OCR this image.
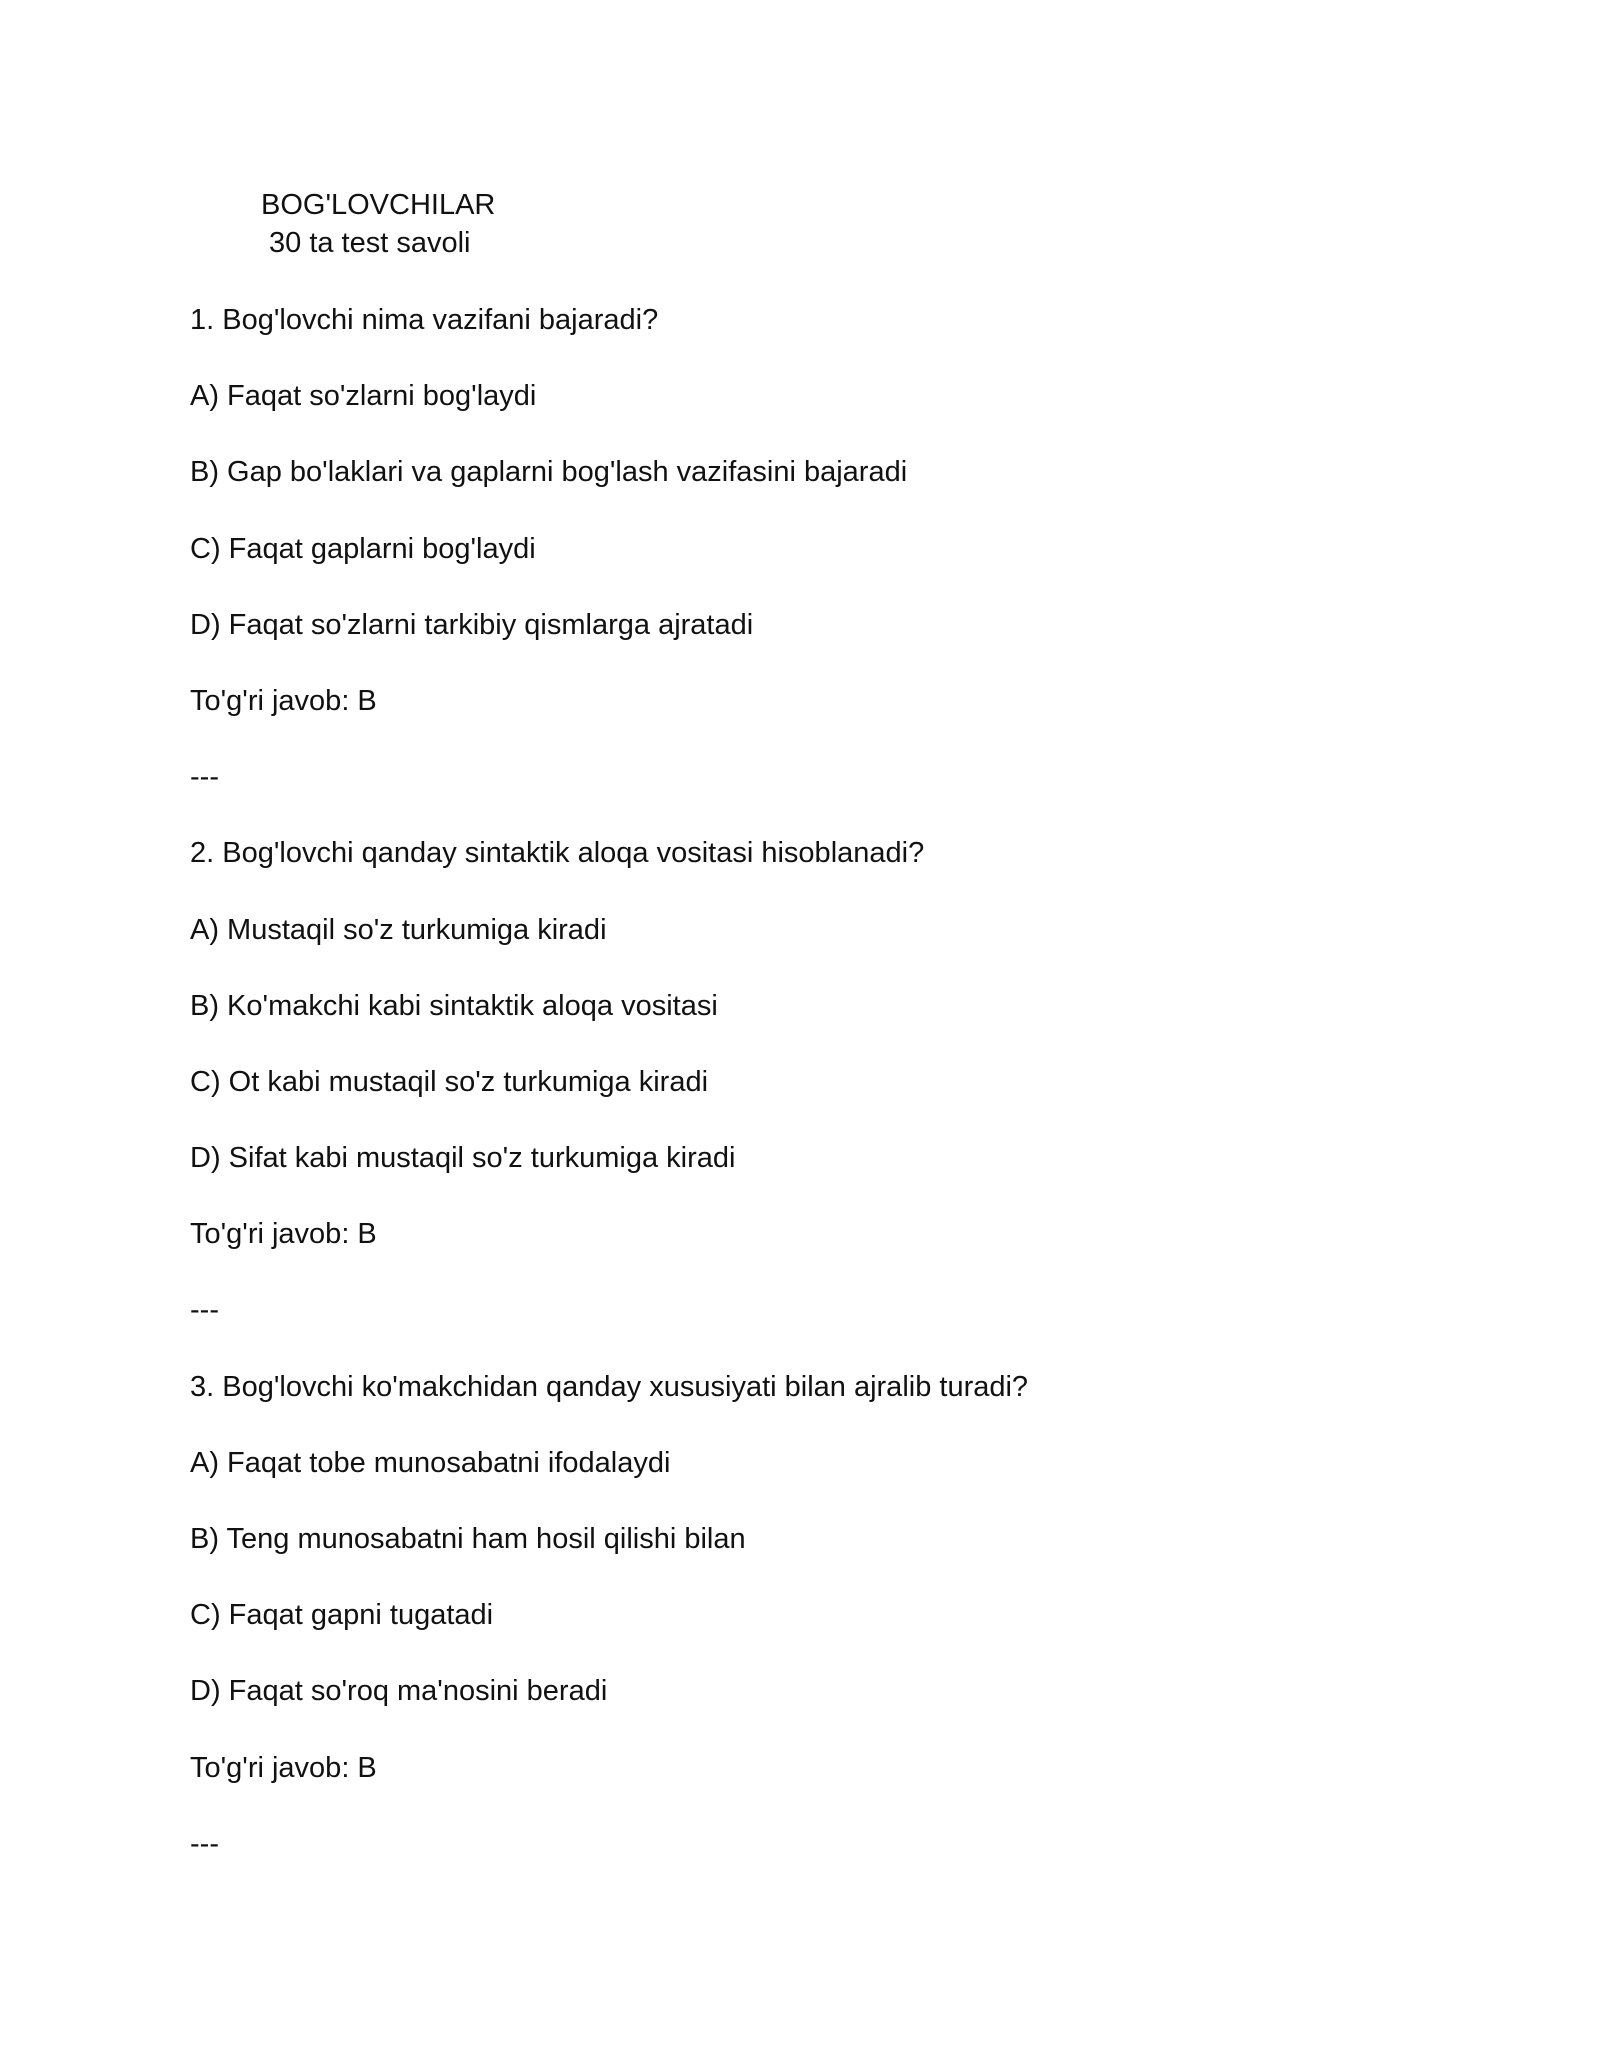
BOG'LOVCHILAR
30 ta test savoli
1. Bog'lovchi nima vazifani bajaradi?
A) Faqat so'zlarni bog'laydi
B) Gap bo'laklari va gaplarni bog'lash vazifasini bajaradi
C) Faqat gaplarni bog'laydi
D) Faqat so'zlarni tarkibiy qismlarga ajratadi
To'g'ri javob: B
---
2. Bog'lovchi qanday sintaktik aloqa vositasi hisoblanadi?
A) Mustaqil so'z turkumiga kiradi
B) Ko'makchi kabi sintaktik aloqa vositasi
C) Ot kabi mustaqil so'z turkumiga kiradi
D) Sifat kabi mustaqil so'z turkumiga kiradi
To'g'ri javob: B
---
3. Bog'lovchi ko'makchidan qanday xususiyati bilan ajralib turadi?
A) Faqat tobe munosabatni ifodalaydi
B) Teng munosabatni ham hosil qilishi bilan
C) Faqat gapni tugatadi
D) Faqat so'roq ma'nosini beradi
To'g'ri javob: B
---
